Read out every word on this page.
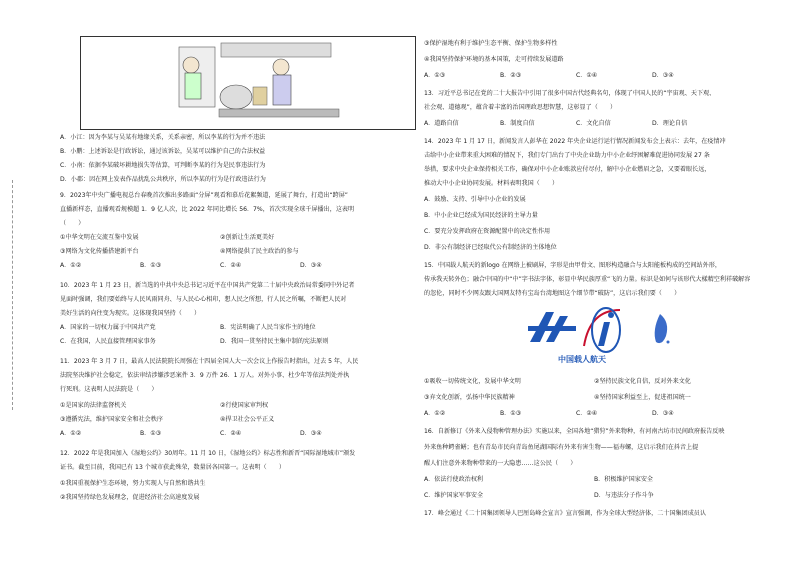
A．小江：因为李某与吴某有地缘关系，关系亲密，所以李某的行为并不违法
B．小鹏：上述诉讼是行政诉讼，通过该诉讼，吴某可以维护自己的合法权益
C．小南：依据李某破坏耕地损失等估算，可判断李某的行为是民事违法行为
D．小郡：因在网上发表作品扰乱公共秩序，所以李某的行为是行政违法行为
9．2023年中央广播电视总台春晚首次推出多路面“分屏”观看和慕后花絮频道，延展了舞台，打造出“跨屏”
直播新样态，直播观看规模超 1．9 亿人次，比 2022 年同比增长 56．7%，首次实现全球千屏播出，这表明
（　　）
①中华文明在交流互鉴中发展	②创新让生活更美好
③网络为文化传播搭建新平台	④网络提供了民主政治的参与
A．①②	B．①③	C．②④	D．③④
10．2023 年 1 月 23 日，新当选的中共中央总书记习近平在中国共产党第二十届中央政治局常委同中外记者
见面时强调，我们要始终与人民风雨同舟、与人民心心相印，想人民之所想，行人民之所嘱，不断把人民对
美好生活的向往变为现实。这体现我国坚持（　　）
A．国家的一切权力属于中国共产党	B．宪法明确了人民当家作主的地位
C．在我国，人民直接管理国家事务	D．我国一贯坚持民主集中制的宪法原则
11．2023 年 3 月 7 日，最高人民法院院长周强在十四届全国人大一次会议上作报告时指出，过去 5 年，人民
法院坚决维护社会稳定，依法审结涉嫌涉恶案件 3．9 万件 26．1 万人。对外小事、杜少年等依法判处并执
行死刑。这表明人民法院是（　　）
①是国家的法律监督机关	②行使国家审判权
③遵循宪法，维护国家安全和社会秩序	④捍卫社会公平正义
A．①②	B．①③	C．②④	D．③④
12．2022 年是我国加入《湿地公约》30周年。11 月 10 日，《湿地公约》标志性和新晋“国际湿地城市”颁发
证书。截至目前，我国已有 13 个城市获此殊荣，数量居各国第一。这表明（　　）
①我国重视保护生态环境，努力实现人与自然和谐共生
②我国坚持绿色发展理念，促进经济社会高速度发展
③保护湿地有利于维护生态平衡、保护生物多样性
④我国坚持保护环境的基本国策，走可持续发展道路
A．①③	B．②③	C．①④	D．③④
13．习近平总书记在党的二十大报告中引用了很多中国古代经典名句，体现了中国人民的“宇宙观、天下观、
社会观、道德观”，蕴含着丰富的治国理政思想智慧，这彰显了（　　）
A．道路自信	B．制度自信	C．文化自信	D．理论自信
14．2023 年 1 月 17 日，新闻发言人彭华在 2022 年央企业运行运行情况新闻发布会上表示：去年，在疫情冲
击给中小企业带来重大困难的情况下，我们专门出台了中央企业助力中小企业纾困解难促进协同发展 27 条
举措，要求中央企业保持相关工作，确保对中小企业账款应付尽付，解中小企业燃眉之急，又要着眼长远，
推动大中小企业协同发展。材料表明我国（　　）
A．鼓励、支持、引导中小企业的发展
B．中小企业已经成为国民经济的主导力量
C．要充分发挥政府在资源配置中的决定性作用
D．非公有制经济已经取代公有制经济的主体地位
15．中国载人航天的新logo 在网络上被刷屏，字形是由甲骨文、图形构造融合与太阳能板构成的空间站外形，
传承我天转外色；融合中国的中“中”字书法字体，彰显中华民族厚重“飞的力量。标识是如何与该形代大樣精空利祥破解容
的忽伦，同时不少网友跟大国网友特有宝岛台湾地图这个细节带“破防”，这启示我们要（　　）
中国载人航天
①吸收一切传统文化，发展中华文明	②坚持民族文化自信，反对外来文化
③弃文化创新，弘扬中华民族精神	④坚持国家利益至上，促进祖国统一
A．①②	B．①③	C．②④	D．③④
16．自新修订《外来入侵物种管理办法》实施以来，全国各地“猎狩”外来物种，有河南古坊市民间政府报告反映
外来鱼种鳄雀鳝；也有青岛市民向青岛鱼尾湖国际有外来有害生物——福寿螺，这启示我们在抖音上提
醒人们注意外来物种带来的一大隐患……这公民（　　）
A．依法行使政治权利	B．积极维护国家安全
C．维护国家军事安全	D．与违法分子作斗争
17．峰会通过《二十国集团领导人巴厘岛峰会宣言》宣言强调，作为全球大型经济体，二十国集团成员认
